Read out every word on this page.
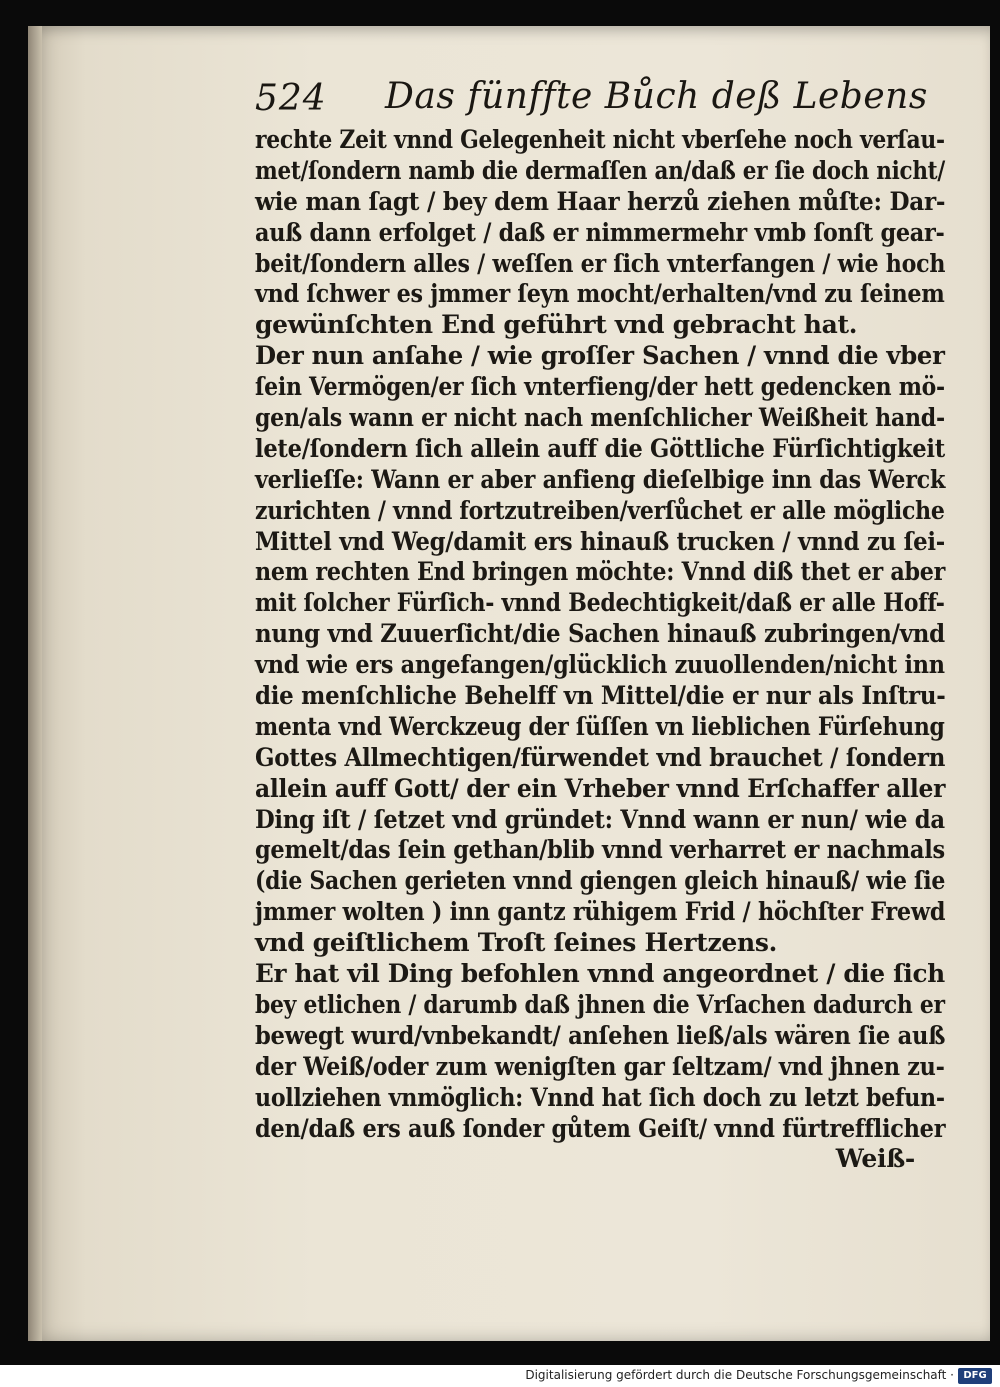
524 Das fünffte Bůch deß Lebens
rechte Zeit vnnd Gelegenheit nicht vberſehe noch verſau-
met/ſondern namb die dermaſſen an/daß er ſie doch nicht/
wie man ſagt / bey dem Haar herzů ziehen můſte: Dar-
auß dann erfolget / daß er nimmermehr vmb ſonſt gear-
beit/ſondern alles / weſſen er ſich vnterfangen / wie hoch
vnd ſchwer es jmmer ſeyn mocht/erhalten/vnd zu ſeinem
gewünſchten End geführt vnd gebracht hat.
Der nun anſahe / wie groſſer Sachen / vnnd die vber
ſein Vermögen/er ſich vnterfieng/der hett gedencken mö-
gen/als wann er nicht nach menſchlicher Weißheit hand-
lete/ſondern ſich allein auff die Göttliche Fürſichtigkeit
verlieſſe: Wann er aber anfieng dieſelbige inn das Werck
zurichten / vnnd fortzutreiben/verſůchet er alle mögliche
Mittel vnd Weg/damit ers hinauß trucken / vnnd zu ſei-
nem rechten End bringen möchte: Vnnd diß thet er aber
mit ſolcher Fürſich- vnnd Bedechtigkeit/daß er alle Hoff-
nung vnd Zuuerſicht/die Sachen hinauß zubringen/vnd
vnd wie ers angefangen/glücklich zuuollenden/nicht inn
die menſchliche Behelff vn Mittel/die er nur als Inſtru-
menta vnd Werckzeug der ſüſſen vn lieblichen Fürſehung
Gottes Allmechtigen/fürwendet vnd brauchet / ſondern
allein auff Gott/ der ein Vrheber vnnd Erſchaffer aller
Ding iſt / ſetzet vnd gründet: Vnnd wann er nun/ wie da
gemelt/das ſein gethan/blib vnnd verharret er nachmals
(die Sachen gerieten vnnd giengen gleich hinauß/ wie ſie
jmmer wolten ) inn gantz rühigem Frid / höchſter Frewd
vnd geiſtlichem Troſt ſeines Hertzens.
Er hat vil Ding befohlen vnnd angeordnet / die ſich
bey etlichen / darumb daß jhnen die Vrſachen dadurch er
bewegt wurd/vnbekandt/ anſehen ließ/als wären ſie auß
der Weiß/oder zum wenigſten gar ſeltzam/ vnd jhnen zu-
uollziehen vnmöglich: Vnnd hat ſich doch zu letzt befun-
den/daß ers auß ſonder gůtem Geiſt/ vnnd fürtrefflicher
Weiß-
Digitalisierung gefördert durch die Deutsche Forschungsgemeinschaft · DFG
